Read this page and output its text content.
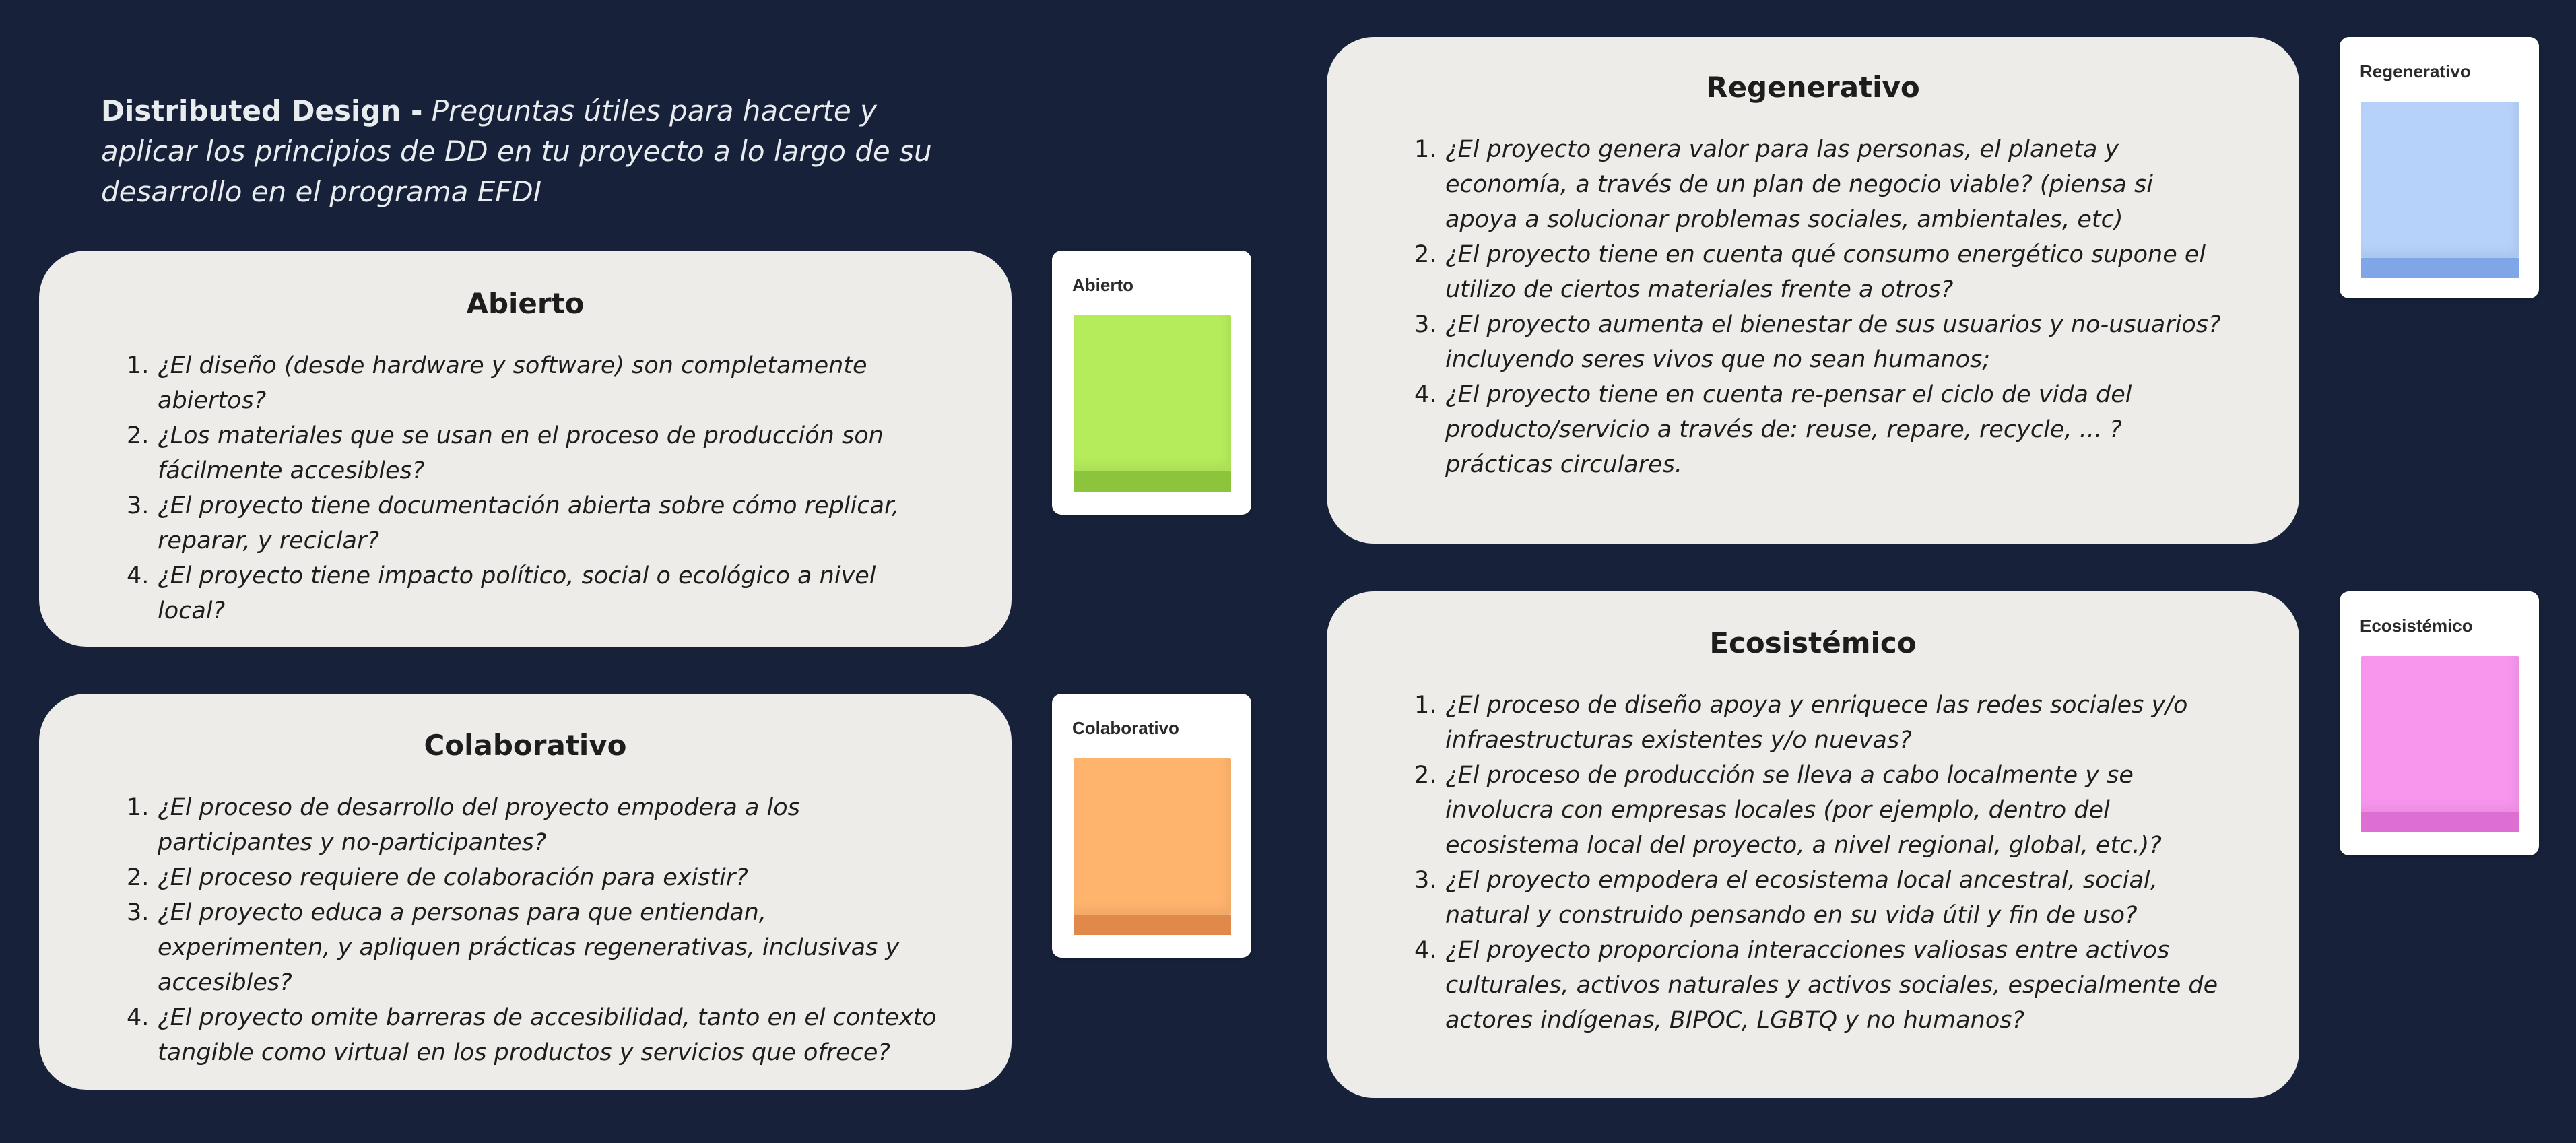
Distributed Design - Preguntas útiles para hacerte y aplicar los principios de DD en tu proyecto a lo largo de su desarrollo en el programa EFDI
Abierto
1. ¿El diseño (desde hardware y software) son completamente abiertos?
2. ¿Los materiales que se usan en el proceso de producción son fácilmente accesibles?
3. ¿El proyecto tiene documentación abierta sobre cómo replicar, reparar, y reciclar?
4. ¿El proyecto tiene impacto político, social o ecológico a nivel local?
Colaborativo
1. ¿El proceso de desarrollo del proyecto empodera a los participantes y no-participantes?
2. ¿El proceso requiere de colaboración para existir?
3. ¿El proyecto educa a personas para que entiendan, experimenten, y apliquen prácticas regenerativas, inclusivas y accesibles?
4. ¿El proyecto omite barreras de accesibilidad, tanto en el contexto tangible como virtual en los productos y servicios que ofrece?
Regenerativo
1. ¿El proyecto genera valor para las personas, el planeta y economía, a través de un plan de negocio viable? (piensa si apoya a solucionar problemas sociales, ambientales, etc)
2. ¿El proyecto tiene en cuenta qué consumo energético supone el utilizo de ciertos materiales frente a otros?
3. ¿El proyecto aumenta el bienestar de sus usuarios y no-usuarios? incluyendo seres vivos que no sean humanos;
4. ¿El proyecto tiene en cuenta re-pensar el ciclo de vida del producto/servicio a través de: reuse, repare, recycle, ... ? prácticas circulares.
Ecosistémico
1. ¿El proceso de diseño apoya y enriquece las redes sociales y/o infraestructuras existentes y/o nuevas?
2. ¿El proceso de producción se lleva a cabo localmente y se involucra con empresas locales (por ejemplo, dentro del ecosistema local del proyecto, a nivel regional, global, etc.)?
3. ¿El proyecto empodera el ecosistema local ancestral, social, natural y construido pensando en su vida útil y fin de uso?
4. ¿El proyecto proporciona interacciones valiosas entre activos culturales, activos naturales y activos sociales, especialmente de actores indígenas, BIPOC, LGBTQ y no humanos?
Abierto
Colaborativo
Regenerativo
Ecosistémico
